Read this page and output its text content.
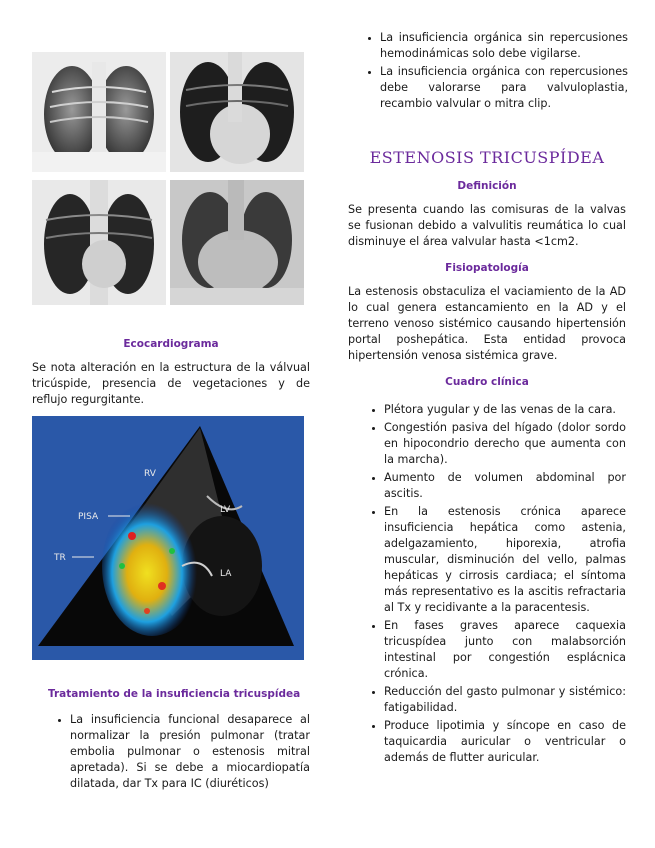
Ecocardiograma

Se nota alteración en la estructura de la válvual tricúspide, presencia de vegetaciones y de reflujo regurgitante.

RV
PISA
LV
TR
LA
Tratamiento de la insuficiencia tricuspídea
• La insuficiencia funcional desaparece al normalizar la presión pulmonar (tratar embolia pulmonar o estenosis mitral apretada). Si se debe a miocardiopatía dilatada, dar Tx para IC (diuréticos)
• La insuficiencia orgánica sin repercusiones hemodinámicas solo debe vigilarse.
• La insuficiencia orgánica con repercusiones debe valorarse para valvuloplastia, recambio valvular o mitra clip.
ESTENOSIS TRICUSPÍDEA
Definición

Se presenta cuando las comisuras de la valvas se fusionan debido a valvulitis reumática lo cual disminuye el área valvular hasta <1cm2.

Fisiopatología

La estenosis obstaculiza el vaciamiento de la AD lo cual genera estancamiento en la AD y el terreno venoso sistémico causando hipertensión portal poshepática. Esta entidad provoca hipertensión venosa sistémica grave.

Cuadro clínica
• Plétora yugular y de las venas de la cara.
• Congestión pasiva del hígado (dolor sordo en hipocondrio derecho que aumenta con la marcha).
• Aumento de volumen abdominal por ascitis.
• En la estenosis crónica aparece insuficiencia hepática como astenia, adelgazamiento, hiporexia, atrofia muscular, disminución del vello, palmas hepáticas y cirrosis cardiaca; el síntoma más representativo es la ascitis refractaria al Tx y recidivante a la paracentesis.
• En fases graves aparece caquexia tricuspídea junto con malabsorción intestinal por congestión esplácnica crónica.
• Reducción del gasto pulmonar y sistémico: fatigabilidad.
• Produce lipotimia y síncope en caso de taquicardia auricular o ventricular o además de flutter auricular.
